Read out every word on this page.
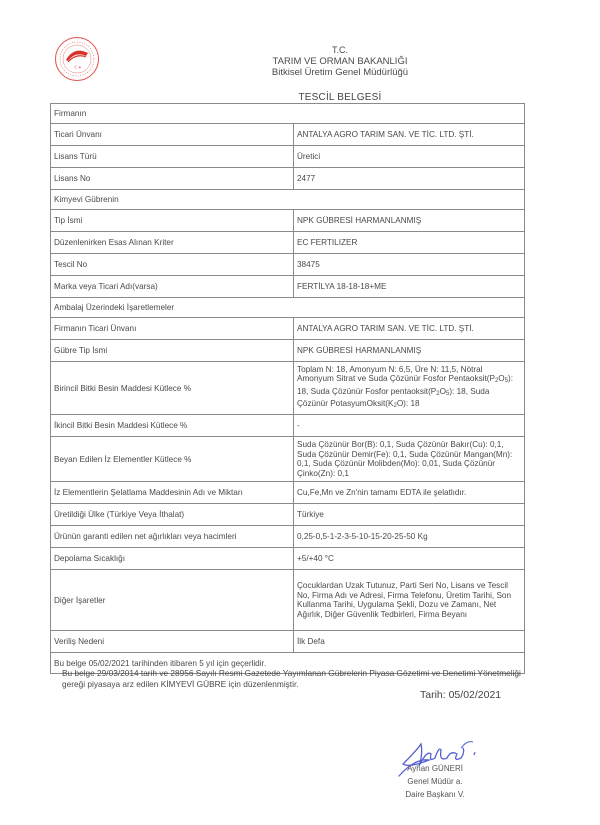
☾٭
T.C.
TARIM VE ORMAN BAKANLIĞI
Bitkisel Üretim Genel Müdürlüğü
TESCİL BELGESİ
Firmanın	
Ticari Ünvanı	ANTALYA AGRO TARIM SAN. VE TİC. LTD. ŞTİ.
Lisans Türü	Üretici
Lisans No	2477
Kimyevi Gübrenin	
Tip İsmi	NPK GÜBRESİ HARMANLANMIŞ
Düzenlenirken Esas Alınan Kriter	EC FERTILIZER
Tescil No	38475
Marka veya Ticari Adı(varsa)	FERTİLYA 18-18-18+ME
Ambalaj Üzerindeki İşaretlemeler	
Firmanın Ticari Ünvanı	ANTALYA AGRO TARIM SAN. VE TİC. LTD. ŞTİ.
Gübre Tip İsmi	NPK GÜBRESİ HARMANLANMIŞ
Birincil Bitki Besin Maddesi Kütlece %	Toplam N: 18, Amonyum N: 6,5, Üre N: 11,5, Nötral Amonyum Sitrat ve Suda Çözünür Fosfor $Pentaoksit(P_2O_5)$: 18, Suda Çözünür Fosfor $pentaoksit(P_2O_5)$: 18, Suda Çözünür $PotasyumOksit(K_2O)$: 18
İkincil Bitki Besin Maddesi Kütlece %	-
Beyan Edilen İz Elementler Kütlece %	Suda Çözünür Bor(B): 0,1, Suda Çözünür Bakır(Cu): 0,1, Suda Çözünür Demir(Fe): 0,1, Suda Çözünür Mangan(Mn): 0,1, Suda Çözünür Molibden(Mo): 0,01, Suda Çözünür Çinko(Zn): 0,1
İz Elementlerin Şelatlama Maddesinin Adı ve Miktarı	Cu,Fe,Mn ve Zn'nin tamamı EDTA ile şelatlıdır.
Üretildiği Ülke (Türkiye Veya İthalat)	Türkiye
Ürünün garanti edilen net ağırlıkları veya hacimleri	0,25-0,5-1-2-3-5-10-15-20-25-50 Kg
Depolama Sıcaklığı	+5/+40 °C
Diğer İşaretler	Çocuklardan Uzak Tutunuz, Parti Seri No, Lisans ve Tescil No, Firma Adı ve Adresi, Firma Telefonu, Üretim Tarihi, Son Kullanma Tarihi, Uygulama Şekli, Dozu ve Zamanı, Net Ağırlık, Diğer Güvenlik Tedbirleri, Firma Beyanı
Veriliş Nedeni	İlk Defa
Bu belge 05/02/2021 tarihinden itibaren 5 yıl için geçerlidir.	
Bu belge 29/03/2014 tarih ve 28956 Sayılı Resmi Gazetede Yayımlanan Gübrelerin Piyasa Gözetimi ve Denetimi Yönetmeliği gereği piyasaya arz edilen KİMYEVİ GÜBRE için düzenlenmiştir.
Tarih: 05/02/2021
Ayhan GÜNERİ
Genel Müdür a.
Daire Başkanı V.
